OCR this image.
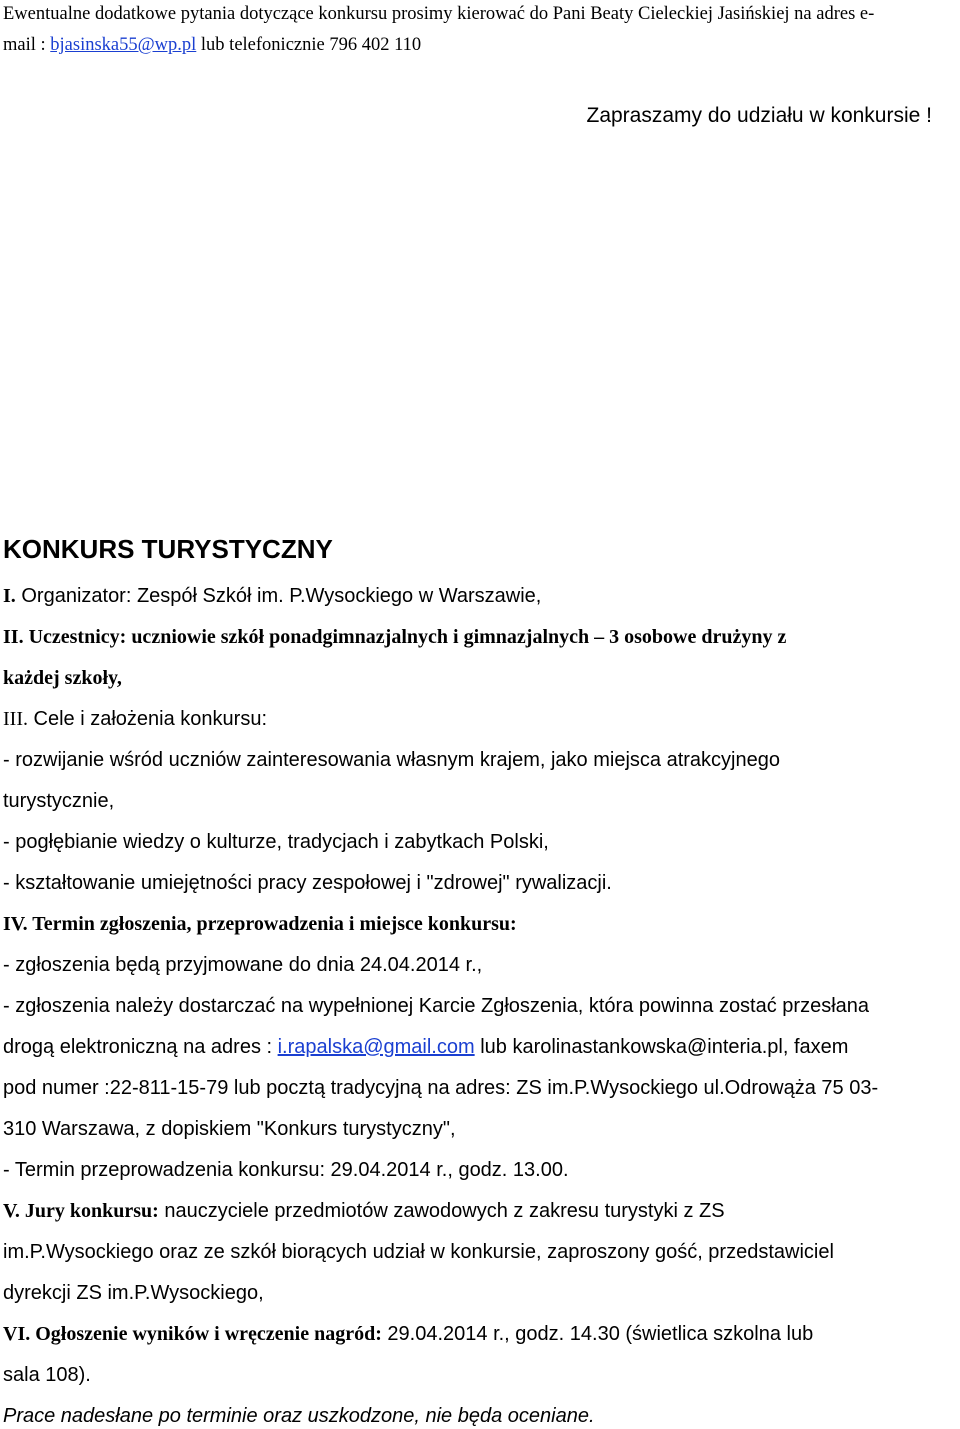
Ewentualne dodatkowe pytania dotyczące konkursu prosimy kierować do Pani Beaty Cieleckiej Jasińskiej na adres e-
mail : bjasinska55@wp.pl lub telefonicznie 796 402 110
Zapraszamy do udziału w konkursie !
KONKURS TURYSTYCZNY
I. Organizator: Zespół Szkół im. P.Wysockiego w Warszawie,
II. Uczestnicy: uczniowie szkół ponadgimnazjalnych i gimnazjalnych – 3 osobowe drużyny z
każdej szkoły,
III. Cele i założenia konkursu:
- rozwijanie wśród uczniów zainteresowania własnym krajem, jako miejsca atrakcyjnego
turystycznie,
- pogłębianie wiedzy o kulturze, tradycjach i zabytkach Polski,
- kształtowanie umiejętności pracy zespołowej i "zdrowej" rywalizacji.
IV. Termin zgłoszenia, przeprowadzenia i miejsce konkursu:
- zgłoszenia będą przyjmowane do dnia 24.04.2014 r.,
- zgłoszenia należy dostarczać na wypełnionej Karcie Zgłoszenia, która powinna zostać przesłana
drogą elektroniczną na adres : i.rapalska@gmail.com lub karolinastankowska@interia.pl, faxem
pod numer :22-811-15-79 lub pocztą tradycyjną na adres: ZS im.P.Wysockiego ul.Odrowąża 75 03-
310 Warszawa, z dopiskiem "Konkurs turystyczny",
- Termin przeprowadzenia konkursu: 29.04.2014 r., godz. 13.00.
V. Jury konkursu: nauczyciele przedmiotów zawodowych z zakresu turystyki z ZS
im.P.Wysockiego oraz ze szkół biorących udział w konkursie, zaproszony gość, przedstawiciel
dyrekcji ZS im.P.Wysockiego,
VI. Ogłoszenie wyników i wręczenie nagród: 29.04.2014 r., godz. 14.30 (świetlica szkolna lub
sala 108).
Prace nadesłane po terminie oraz uszkodzone, nie będa oceniane.
